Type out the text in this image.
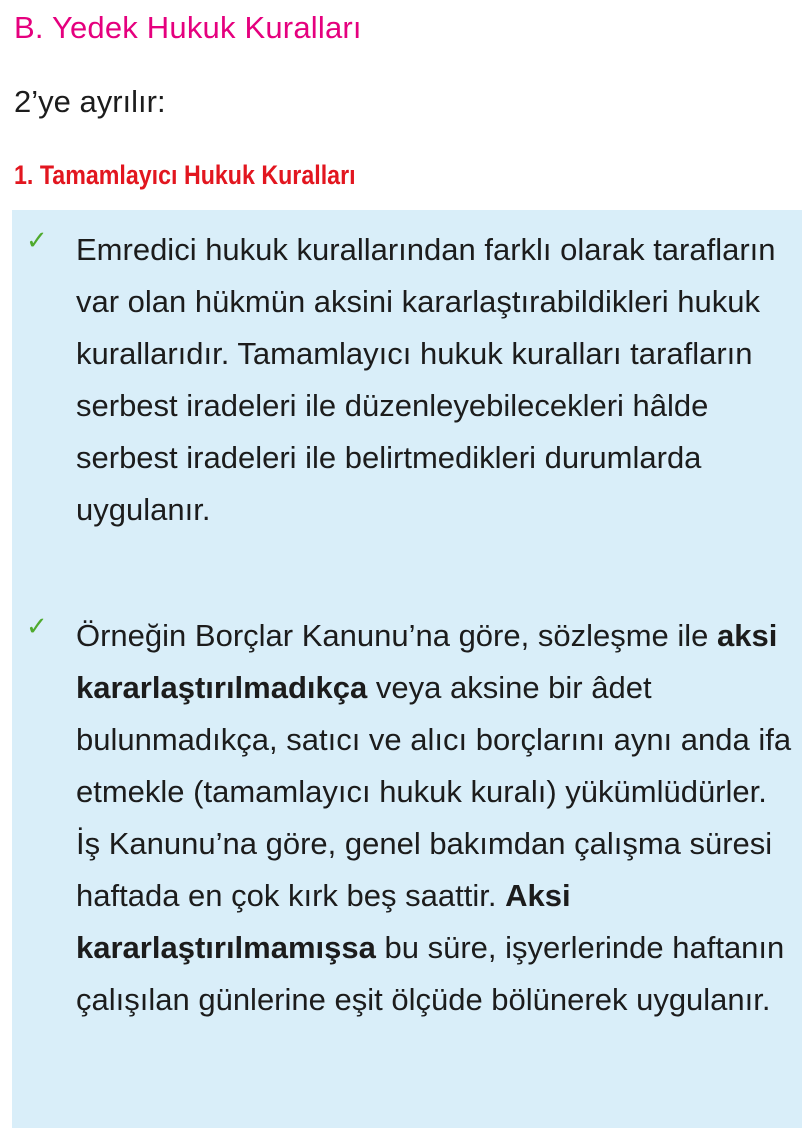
B. Yedek Hukuk Kuralları

2’ye ayrılır:

1. Tamamlayıcı Hukuk Kuralları
✓ Emredici hukuk kurallarından farklı olarak tarafların var olan hükmün aksini kararlaştırabildikleri hukuk kurallarıdır. Tamamlayıcı hukuk kuralları tarafların serbest iradeleri ile düzenleyebilecekleri hâlde serbest iradeleri ile belirtmedikleri durumlarda uygulanır.

✓ Örneğin Borçlar Kanunu’na göre, sözleşme ile aksi kararlaştırılmadıkça veya aksine bir âdet bulunmadıkça, satıcı ve alıcı borçlarını aynı anda ifa etmekle (tamamlayıcı hukuk kuralı) yükümlüdürler. İş Kanunu’na göre, genel bakımdan çalışma süresi haftada en çok kırk beş saattir. Aksi kararlaştırılmamışsa bu süre, işyerlerinde haftanın çalışılan günlerine eşit ölçüde bölünerek uygulanır.
